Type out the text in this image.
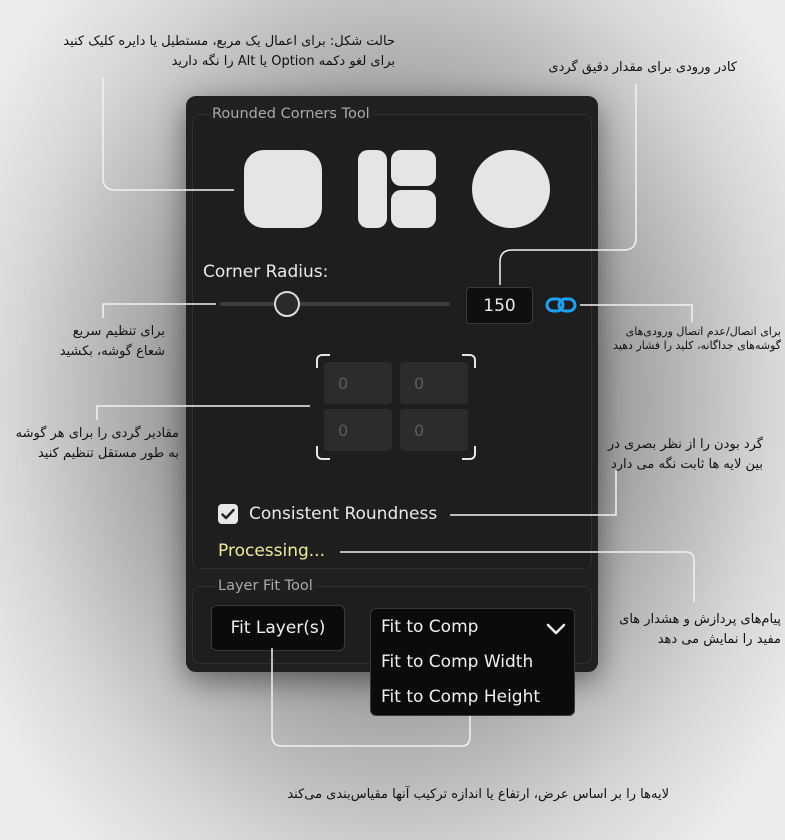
حالت شکل: برای اعمال یک مربع، مستطیل یا دایره کلیک کنید
برای لغو دکمه Option یا Alt را نگه دارید	کادر ورودی برای مقدار دقیق گردی
برای تنظیم سریع
شعاع گوشه، بکشید
برای اتصال/عدم اتصال ورودی‌های
گوشه‌های جداگانه، کلید را فشار دهید
مقادیر گردی را برای هر گوشه
به طور مستقل تنظیم کنید
گرد بودن را از نظر بصری در
بین لایه ها ثابت نگه می دارد
پیام‌های پردازش و هشدار های
مفید را نمایش می دهد
لایه‌ها را بر اساس عرض، ارتفاع یا اندازه ترکیب آنها مقیاس‌بندی می‌کند
Rounded Corners Tool
Corner Radius:
150
0	0
0	0
Consistent Roundness
Processing...
Layer Fit Tool
Fit Layer(s)	Fit to Comp
Fit to Comp Width
Fit to Comp Height
